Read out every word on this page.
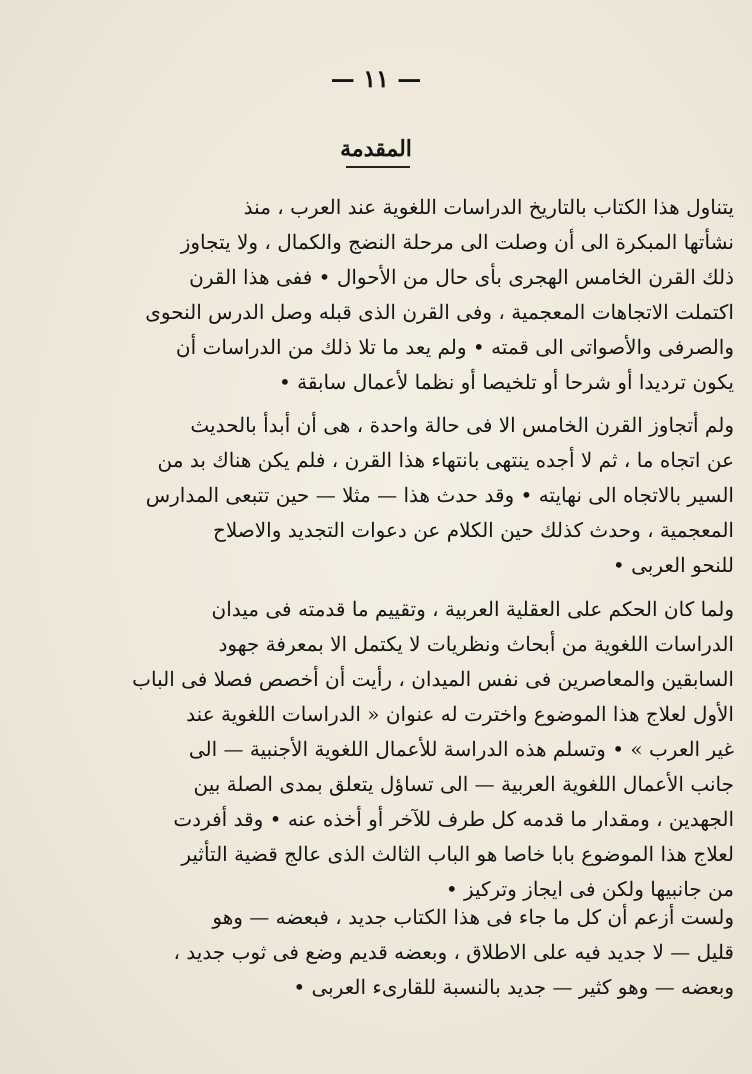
— ١١ —
المقدمة
يتناول هذا الكتاب بالتاريخ الدراسات اللغوية عند العرب ، منذ
نشأتها المبكرة الى أن وصلت الى مرحلة النضج والكمال ، ولا يتجاوز
ذلك القرن الخامس الهجرى بأى حال من الأحوال • ففى هذا القرن
اكتملت الاتجاهات المعجمية ، وفى القرن الذى قبله وصل الدرس النحوى
والصرفى والأصواتى الى قمته • ولم يعد ما تلا ذلك من الدراسات أن
يكون ترديدا أو شرحا أو تلخيصا أو نظما لأعمال سابقة •
ولم أتجاوز القرن الخامس الا فى حالة واحدة ، هى أن أبدأ بالحديث
عن اتجاه ما ، ثم لا أجده ينتهى بانتهاء هذا القرن ، فلم يكن هناك بد من
السير بالاتجاه الى نهايته • وقد حدث هذا — مثلا — حين تتبعى المدارس
المعجمية ، وحدث كذلك حين الكلام عن دعوات التجديد والاصلاح
للنحو العربى •
ولما كان الحكم على العقلية العربية ، وتقييم ما قدمته فى ميدان
الدراسات اللغوية من أبحاث ونظريات لا يكتمل الا بمعرفة جهود
السابقين والمعاصرين فى نفس الميدان ، رأيت أن أخصص فصلا فى الباب
الأول لعلاج هذا الموضوع واخترت له عنوان « الدراسات اللغوية عند
غير العرب » • وتسلم هذه الدراسة للأعمال اللغوية الأجنبية — الى
جانب الأعمال اللغوية العربية — الى تساؤل يتعلق بمدى الصلة بين
الجهدين ، ومقدار ما قدمه كل طرف للآخر أو أخذه عنه • وقد أفردت
لعلاج هذا الموضوع بابا خاصا هو الباب الثالث الذى عالج قضية التأثير
من جانبيها ولكن فى ايجاز وتركيز •
ولست أزعم أن كل ما جاء فى هذا الكتاب جديد ، فبعضه — وهو
قليل — لا جديد فيه على الاطلاق ، وبعضه قديم وضع فى ثوب جديد ،
وبعضه — وهو كثير — جديد بالنسبة للقارىء العربى •
